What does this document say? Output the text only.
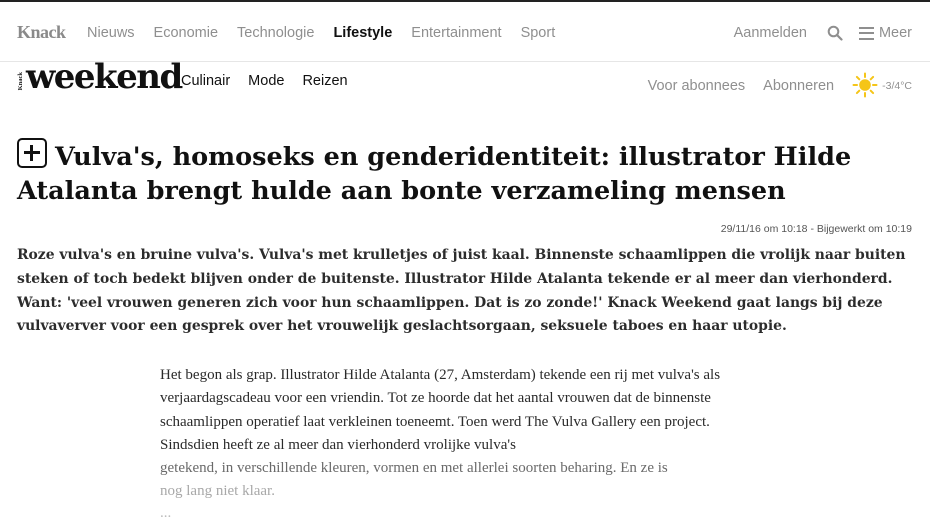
Knack Nieuws Economie Technologie Lifestyle Entertainment Sport	Aanmelden	Meer
Knack weekend Culinair Mode Reizen	Voor abonnees Abonneren	-3/4°C
Vulva's, homoseks en genderidentiteit: illustrator Hilde Atalanta brengt hulde aan bonte verzameling mensen
29/11/16 om 10:18 - Bijgewerkt om 10:19

Roze vulva's en bruine vulva's. Vulva's met krulletjes of juist kaal. Binnenste schaamlippen die vrolijk naar buiten steken of toch bedekt blijven onder de buitenste. Illustrator Hilde Atalanta tekende er al meer dan vierhonderd. Want: 'veel vrouwen generen zich voor hun schaamlippen. Dat is zo zonde!' Knack Weekend gaat langs bij deze vulvaverver voor een gesprek over het vrouwelijk geslachtsorgaan, seksuele taboes en haar utopie.

Het begon als grap. Illustrator Hilde Atalanta (27, Amsterdam) tekende een rij met vulva's als verjaardagscadeau voor een vriendin. Tot ze hoorde dat het aantal vrouwen dat de binnenste schaamlippen operatief laat verkleinen toeneemt. Toen werd The Vulva Gallery een project. Sindsdien heeft ze al meer dan vierhonderd vrolijke vulva's
getekend, in verschillende kleuren, vormen en met allerlei soorten beharing. En ze is
nog lang niet klaar.
...
